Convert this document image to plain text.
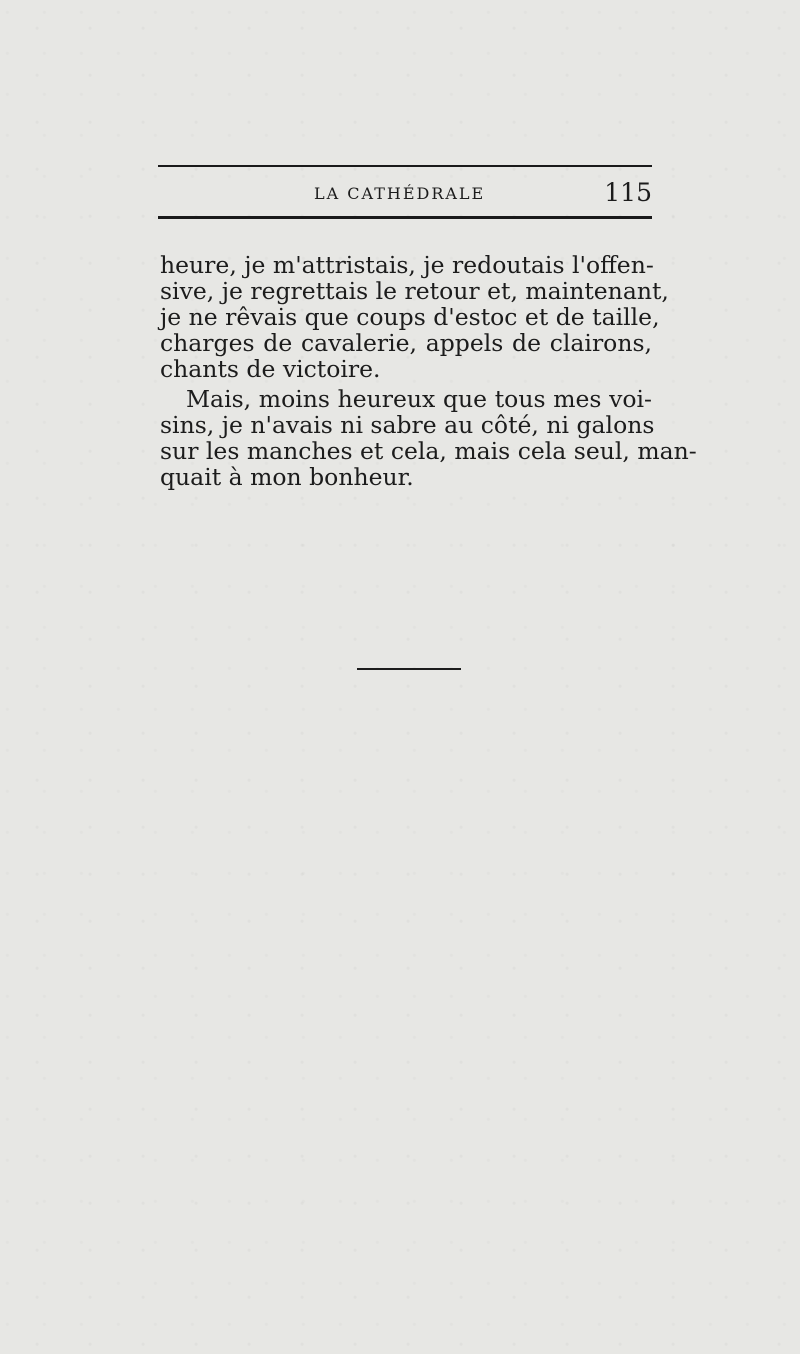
LA CATHÉDRALE	115
heure, je m'attristais, je redoutais l'offen-
sive, je regrettais le retour et, maintenant,
je ne rêvais que coups d'estoc et de taille,
charges de cavalerie, appels de clairons,
chants de victoire.
Mais, moins heureux que tous mes voi-
sins, je n'avais ni sabre au côté, ni galons
sur les manches et cela, mais cela seul, man-
quait à mon bonheur.
